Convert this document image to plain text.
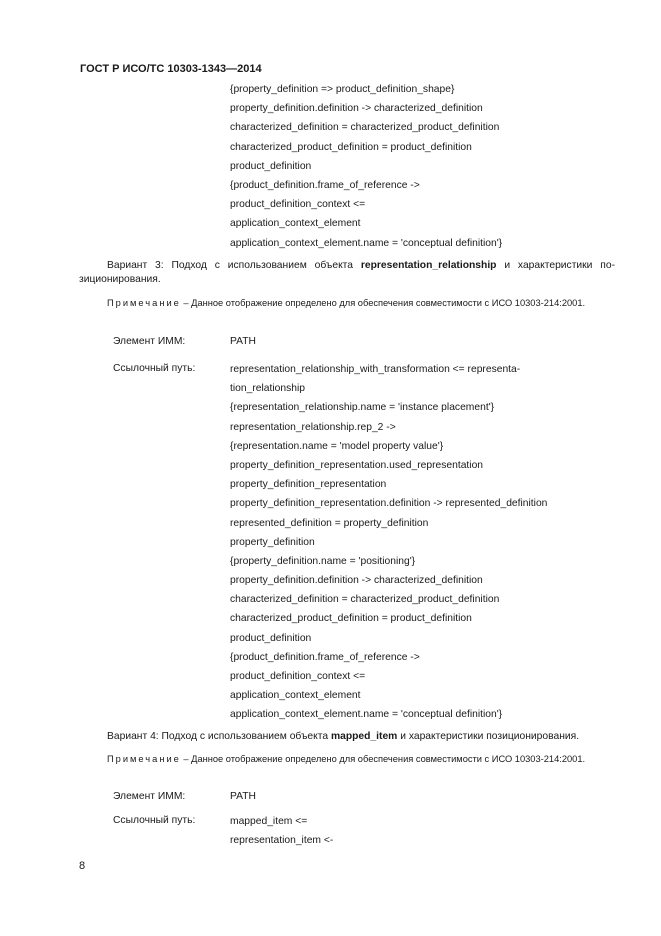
ГОСТ Р ИСО/ТС 10303-1343—2014
{property_definition => product_definition_shape}
property_definition.definition -> characterized_definition
characterized_definition = characterized_product_definition
characterized_product_definition = product_definition
product_definition
{product_definition.frame_of_reference ->
product_definition_context <=
application_context_element
application_context_element.name = 'conceptual definition'}
Вариант 3: Подход с использованием объекта representation_relationship и характеристики по-зиционирования.
Примечание – Данное отображение определено для обеспечения совместимости с ИСО 10303-214:2001.
Элемент ИММ:	PATH
Ссылочный путь:	representation_relationship_with_transformation <= representa-
tion_relationship
{representation_relationship.name = 'instance placement'}
representation_relationship.rep_2 ->
{representation.name = 'model property value'}
property_definition_representation.used_representation
property_definition_representation
property_definition_representation.definition -> represented_definition
represented_definition = property_definition
property_definition
{property_definition.name = 'positioning'}
property_definition.definition -> characterized_definition
characterized_definition = characterized_product_definition
characterized_product_definition = product_definition
product_definition
{product_definition.frame_of_reference ->
product_definition_context <=
application_context_element
application_context_element.name = 'conceptual definition'}
Вариант 4: Подход с использованием объекта mapped_item и характеристики позиционирования.
Примечание – Данное отображение определено для обеспечения совместимости с ИСО 10303-214:2001.
Элемент ИММ:	PATH
Ссылочный путь:	mapped_item <=
representation_item <-
8
